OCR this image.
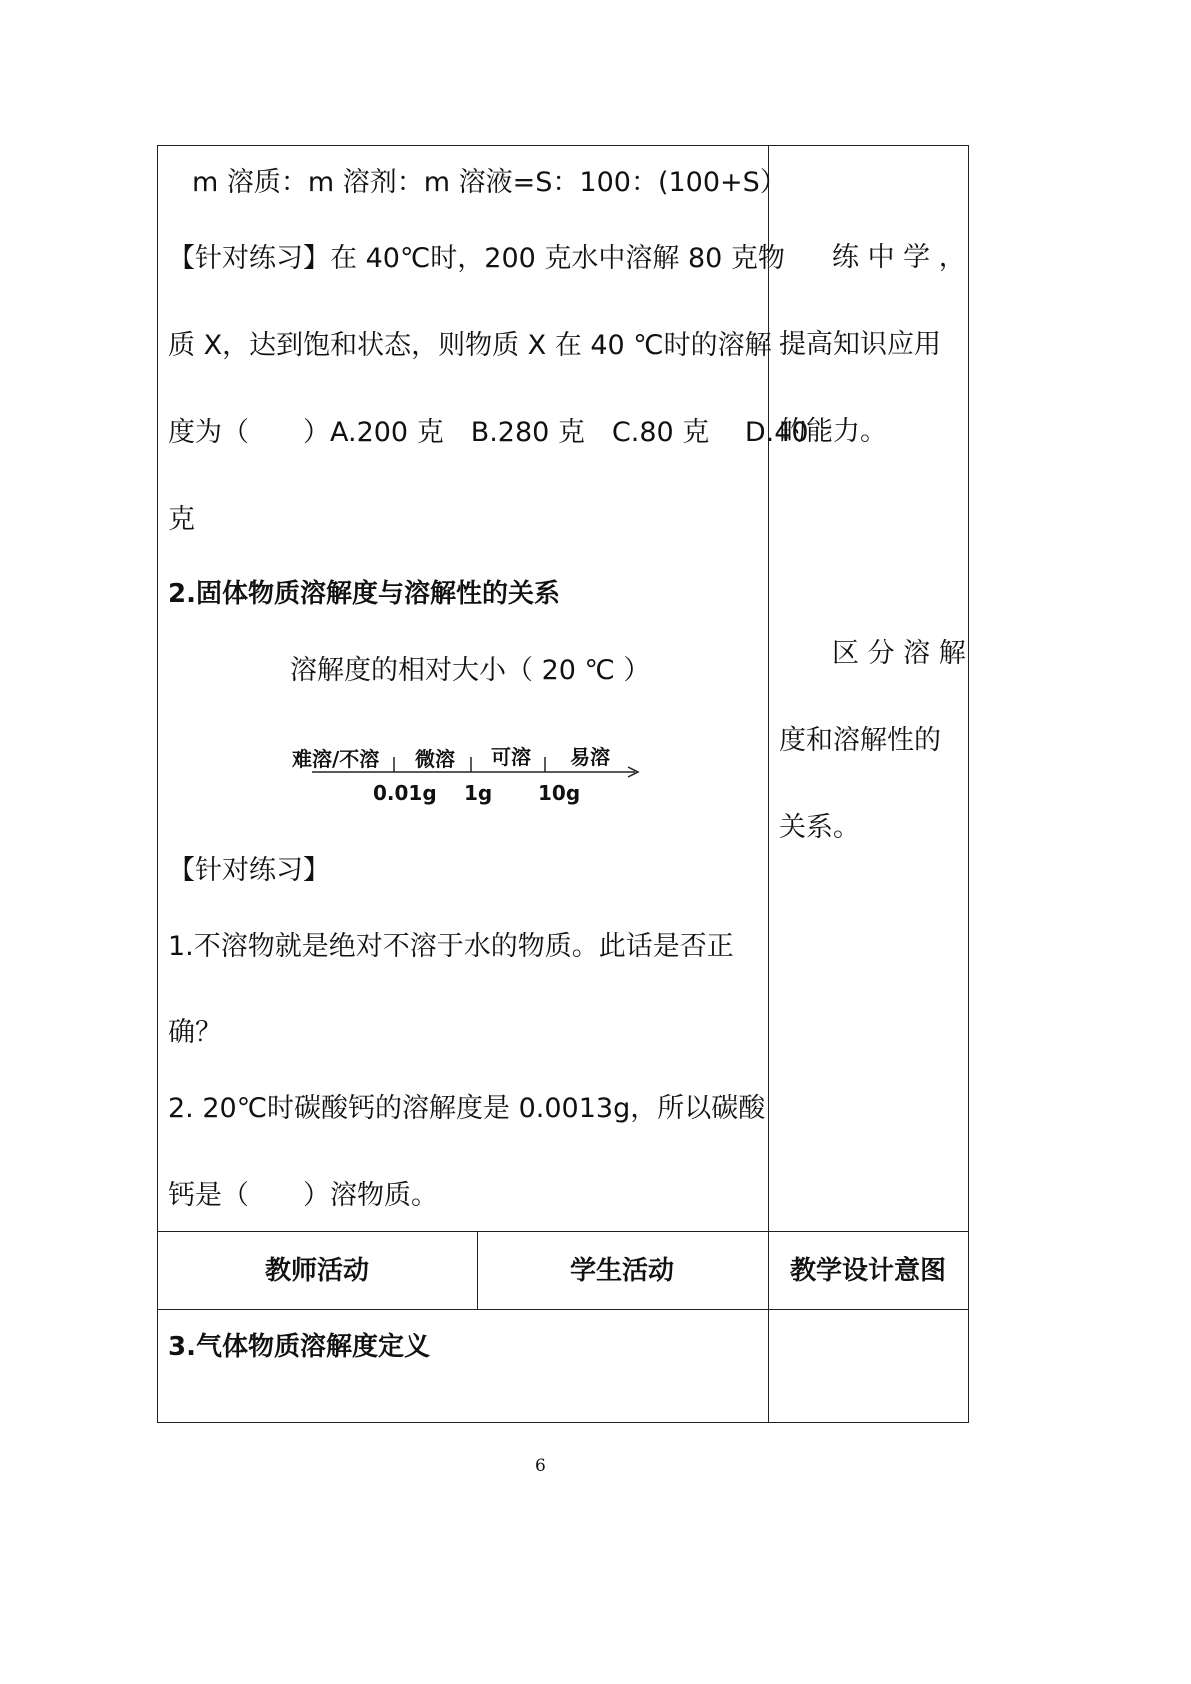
m 溶质：m 溶剂：m 溶液=S：100：(100+S）
【针对练习】在 40℃时，200 克水中溶解 80 克物
质 X，达到饱和状态，则物质 X 在 40 ℃时的溶解
度为（　　）A.200 克　B.280 克　C.80 克　 D.40
克
2.固体物质溶解度与溶解性的关系
溶解度的相对大小（ 20 ℃ ）
难溶/不溶 微溶 可溶 易溶
0.01g 1g 10g
【针对练习】
1.不溶物就是绝对不溶于水的物质。此话是否正
确？
2. 20℃时碳酸钙的溶解度是 0.0013g，所以碳酸
钙是（　　）溶物质。
练 中 学 ，
提高知识应用
的能力。
区 分 溶 解
度和溶解性的
关系。
教师活动	学生活动	教学设计意图
3.气体物质溶解度定义
6
